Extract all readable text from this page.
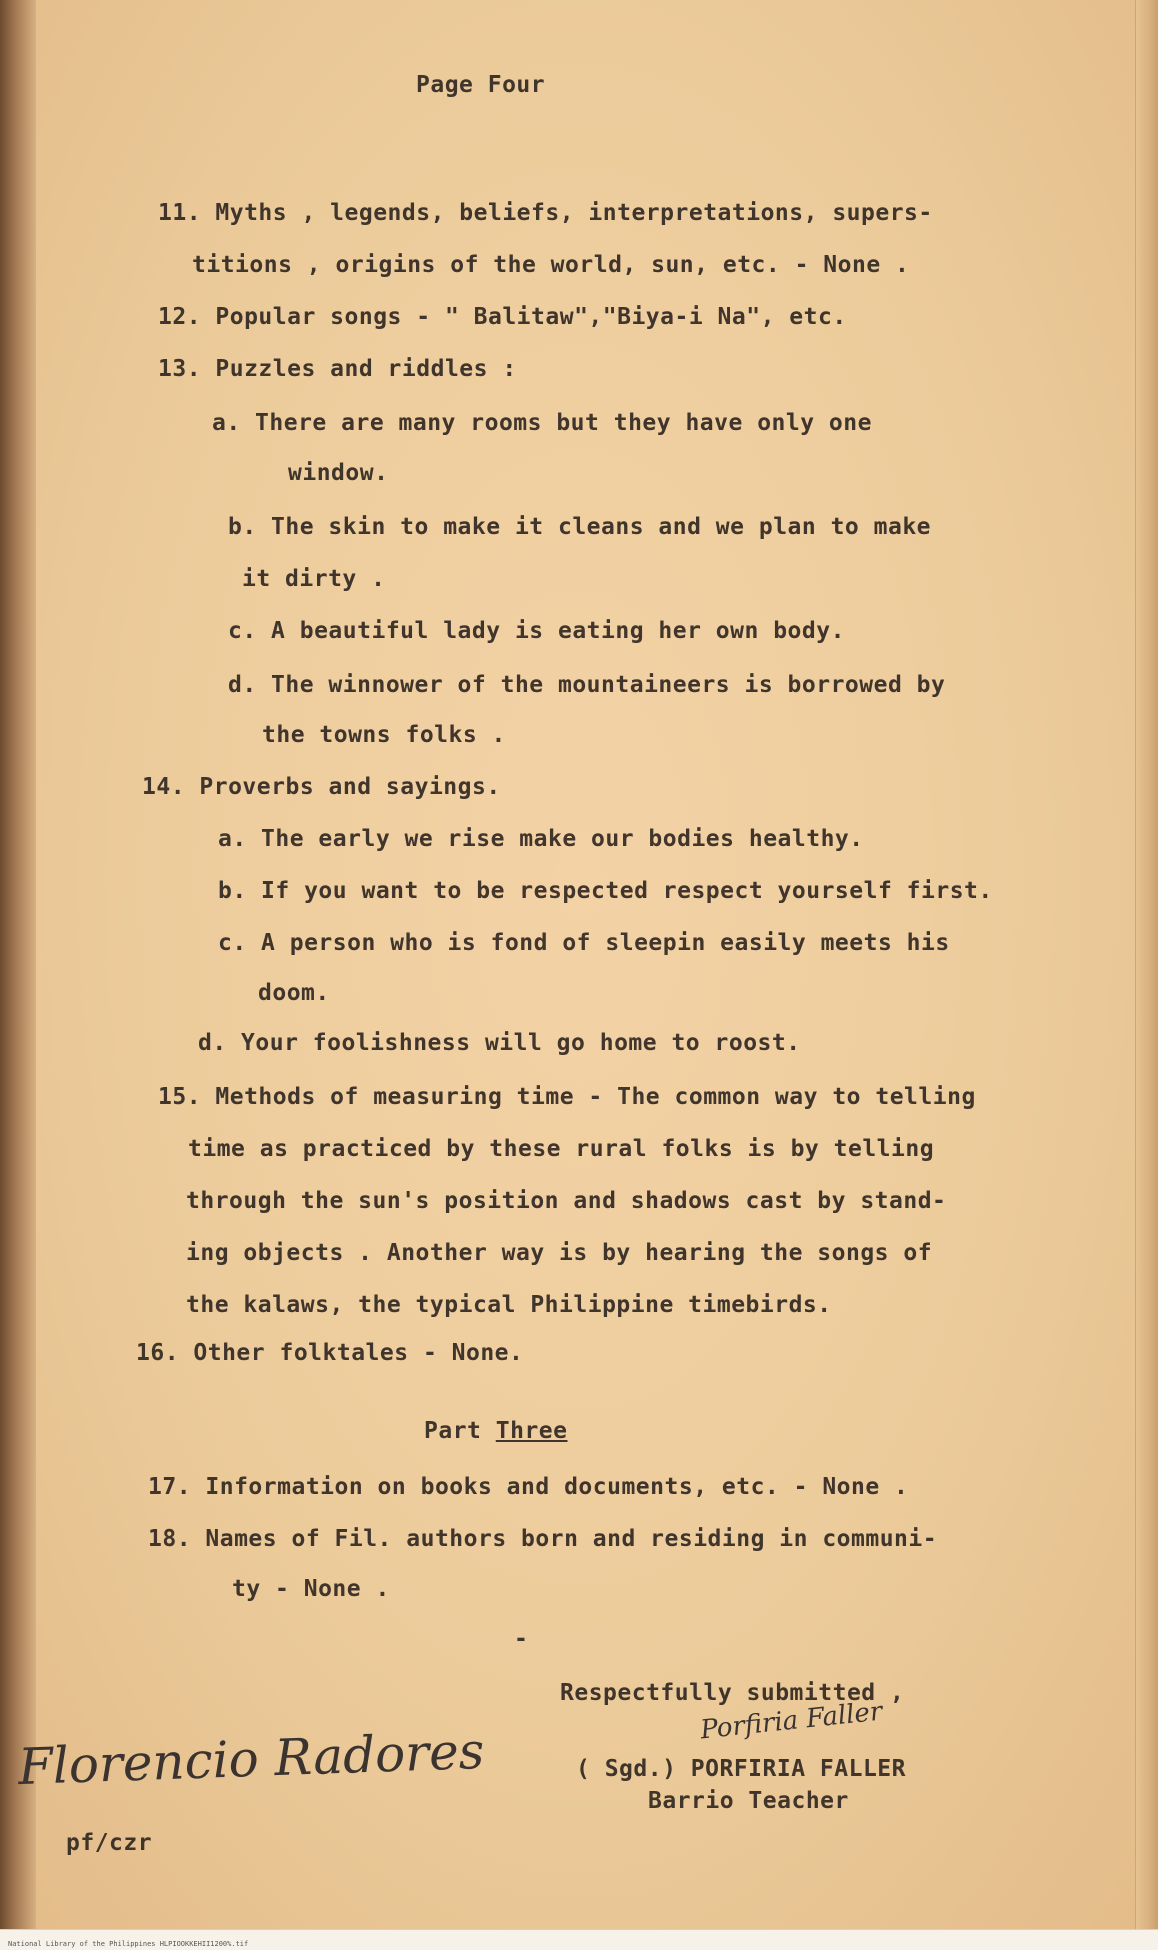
Page Four
11. Myths , legends, beliefs, interpretations, supers-
titions , origins of the world, sun, etc. - None .
12. Popular songs - " Balitaw","Biya-i Na", etc.
13. Puzzles and riddles :
a. There are many rooms but they have only one
window.
b. The skin to make it cleans and we plan to make
it dirty .
c. A beautiful lady is eating her own body.
d. The winnower of the mountaineers is borrowed by
the towns folks .
14. Proverbs and sayings.
a. The early we rise make our bodies healthy.
b. If you want to be respected respect yourself first.
c. A person who is fond of sleepin easily meets his
doom.
d. Your foolishness will go home to roost.
15. Methods of measuring time - The common way to telling
time as practiced by these rural folks is by telling
through the sun's position and shadows cast by stand-
ing objects . Another way is by hearing the songs of
the kalaws, the typical Philippine timebirds.
16. Other folktales - None.
Part Three
17. Information on books and documents, etc. - None .
18. Names of Fil. authors born and residing in communi-
ty - None .
-
Respectfully submitted ,
Porfiria Faller
( Sgd.) PORFIRIA FALLER
Barrio Teacher
Florencio Radores
pf/czr
National Library of the Philippines HLPIOOKKEHII1200%.tif
